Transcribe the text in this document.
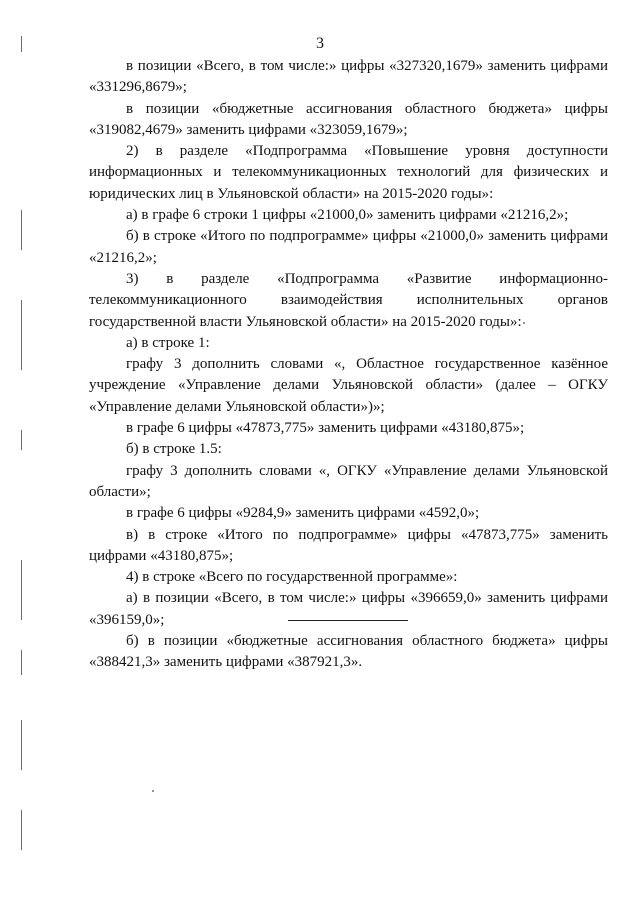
3

в позиции «Всего, в том числе:» цифры «327320,1679» заменить цифрами «331296,8679»;

в позиции «бюджетные ассигнования областного бюджета» цифры «319082,4679» заменить цифрами «323059,1679»;

2) в разделе «Подпрограмма «Повышение уровня доступности информационных и телекоммуникационных технологий для физических и юридических лиц в Ульяновской области» на 2015-2020 годы»:

а) в графе 6 строки 1 цифры «21000,0» заменить цифрами «21216,2»;

б) в строке «Итого по подпрограмме» цифры «21000,0» заменить цифрами «21216,2»;

3) в разделе «Подпрограмма «Развитие информационно-телекоммуникационного взаимодействия исполнительных органов государственной власти Ульяновской области» на 2015-2020 годы»:

а) в строке 1:

графу 3 дополнить словами «, Областное государственное казённое учреждение «Управление делами Ульяновской области» (далее – ОГКУ «Управление делами Ульяновской области»)»;

в графе 6 цифры «47873,775» заменить цифрами «43180,875»;

б) в строке 1.5:

графу 3 дополнить словами «, ОГКУ «Управление делами Ульяновской области»;

в графе 6 цифры «9284,9» заменить цифрами «4592,0»;

в) в строке «Итого по подпрограмме» цифры «47873,775» заменить цифрами «43180,875»;

4) в строке «Всего по государственной программе»:

а) в позиции «Всего, в том числе:» цифры «396659,0» заменить цифрами «396159,0»;

б) в позиции «бюджетные ассигнования областного бюджета» цифры «388421,3» заменить цифрами «387921,3».
